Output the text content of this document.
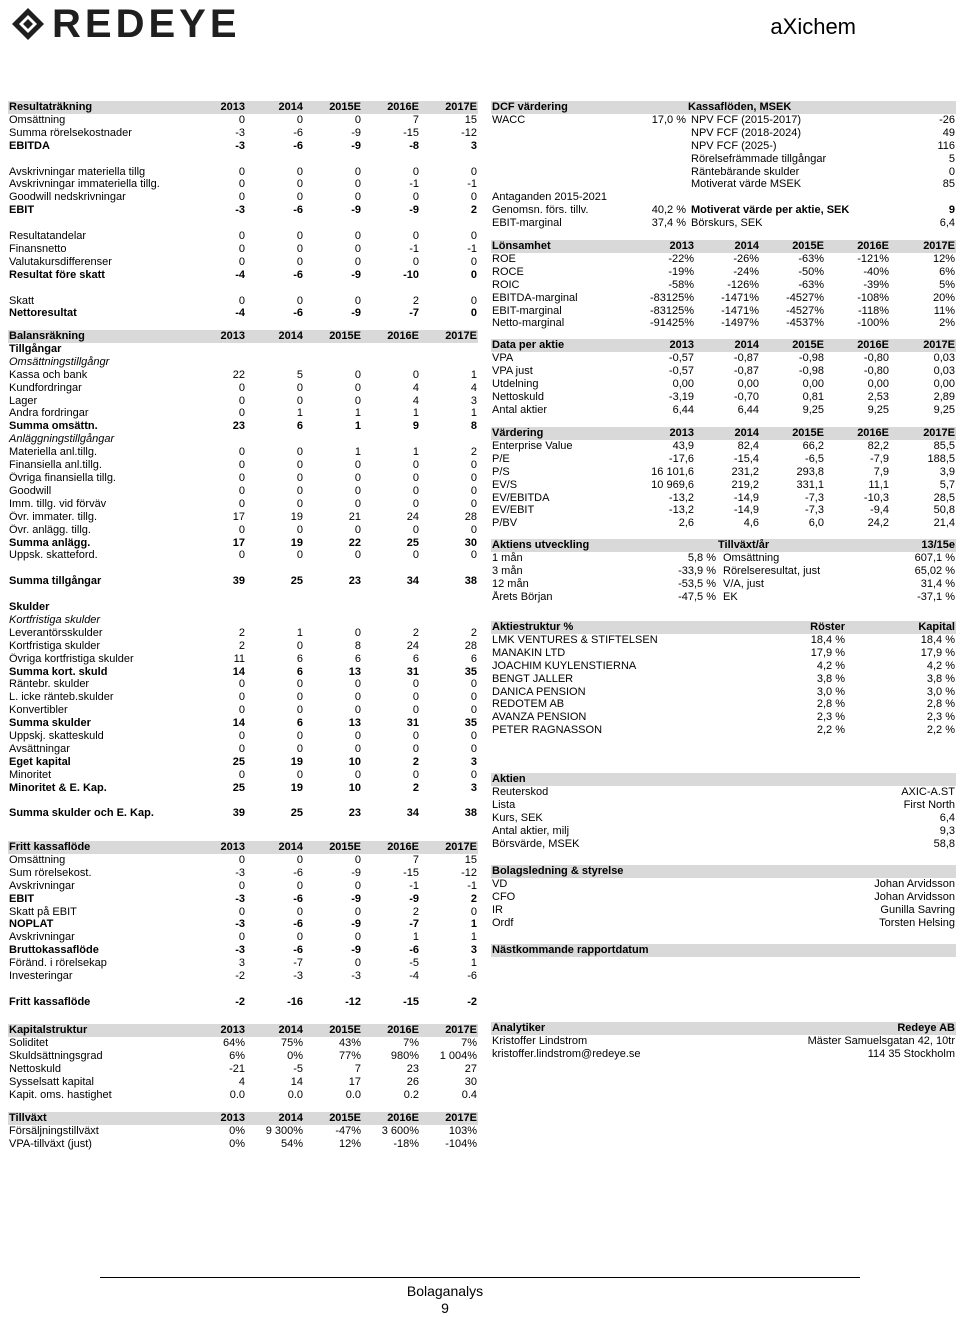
REDEYE	aXichem
Resultaträkning	2013	2014	2015E	2016E	2017E
Omsättning	0	0	0	7	15
Summa rörelsekostnader	-3	-6	-9	-15	-12
EBITDA	-3	-6	-9	-8	3

Avskrivningar materiella tillg	0	0	0	0	0
Avskrivningar immateriella tillg.	0	0	0	-1	-1
Goodwill nedskrivningar	0	0	0	0	0
EBIT	-3	-6	-9	-9	2

Resultatandelar	0	0	0	0	0
Finansnetto	0	0	0	-1	-1
Valutakursdifferenser	0	0	0	0	0
Resultat före skatt	-4	-6	-9	-10	0

Skatt	0	0	0	2	0
Nettoresultat	-4	-6	-9	-7	0
Balansräkning	2013	2014	2015E	2016E	2017E
Tillgångar					
Omsättningstillgångr					
Kassa och bank	22	5	0	0	1
Kundfordringar	0	0	0	4	4
Lager	0	0	0	4	3
Andra fordringar	0	1	1	1	1
Summa omsättn.	23	6	1	9	8
Anläggningstillgångar					
Materiella anl.tillg.	0	0	1	1	2
Finansiella anl.tillg.	0	0	0	0	0
Övriga finansiella tillg.	0	0	0	0	0
Goodwill	0	0	0	0	0
Imm. tillg. vid förväv	0	0	0	0	0
Övr. immater. tillg.	17	19	21	24	28
Övr. anlägg. tillg.	0	0	0	0	0
Summa anlägg.	17	19	22	25	30
Uppsk. skatteford.	0	0	0	0	0

Summa tillgångar	39	25	23	34	38

Skulder					
Kortfristiga skulder					
Leverantörsskulder	2	1	0	2	2
Kortfristiga skulder	2	0	8	24	28
Övriga kortfristiga skulder	11	6	6	6	6
Summa kort. skuld	14	6	13	31	35
Räntebr. skulder	0	0	0	0	0
L. icke ränteb.skulder	0	0	0	0	0
Konvertibler	0	0	0	0	0
Summa skulder	14	6	13	31	35
Uppskj. skatteskuld	0	0	0	0	0
Avsättningar	0	0	0	0	0
Eget kapital	25	19	10	2	3
Minoritet	0	0	0	0	0
Minoritet & E. Kap.	25	19	10	2	3

Summa skulder och E. Kap.	39	25	23	34	38
Fritt kassaflöde	2013	2014	2015E	2016E	2017E
Omsättning	0	0	0	7	15
Sum rörelsekost.	-3	-6	-9	-15	-12
Avskrivningar	0	0	0	-1	-1
EBIT	-3	-6	-9	-9	2
Skatt på EBIT	0	0	0	2	0
NOPLAT	-3	-6	-9	-7	1
Avskrivningar	0	0	0	1	1
Bruttokassaflöde	-3	-6	-9	-6	3
Föränd. i rörelsekap	3	-7	0	-5	1
Investeringar	-2	-3	-3	-4	-6

Fritt kassaflöde	-2	-16	-12	-15	-2
Kapitalstruktur	2013	2014	2015E	2016E	2017E
Soliditet	64%	75%	43%	7%	7%
Skuldsättningsgrad	6%	0%	77%	980%	1 004%
Nettoskuld	-21	-5	7	23	27
Sysselsatt kapital	4	14	17	26	30
Kapit. oms. hastighet	0.0	0.0	0.0	0.2	0.4
Tillväxt	2013	2014	2015E	2016E	2017E
Försäljningstillväxt	0%	9 300%	-47%	3 600%	103%
VPA-tillväxt (just)	0%	54%	12%	-18%	-104%
DCF värdering		Kassaflöden, MSEK	
WACC	17,0 %	NPV FCF (2015-2017)	-26
		NPV FCF (2018-2024)	49
		NPV FCF (2025-)	116
		Rörelsefrämmade tillgångar	5
		Räntebärande skulder	0
		Motiverat värde MSEK	85
Antaganden 2015-2021			
Genomsn. förs. tillv.	40,2 %	Motiverat värde per aktie, SEK	9
EBIT-marginal	37,4 %	Börskurs, SEK	6,4
Lönsamhet	2013	2014	2015E	2016E	2017E
ROE	-22%	-26%	-63%	-121%	12%
ROCE	-19%	-24%	-50%	-40%	6%
ROIC	-58%	-126%	-63%	-39%	5%
EBITDA-marginal	-83125%	-1471%	-4527%	-108%	20%
EBIT-marginal	-83125%	-1471%	-4527%	-118%	11%
Netto-marginal	-91425%	-1497%	-4537%	-100%	2%
Data per aktie	2013	2014	2015E	2016E	2017E
VPA	-0,57	-0,87	-0,98	-0,80	0,03
VPA just	-0,57	-0,87	-0,98	-0,80	0,03
Utdelning	0,00	0,00	0,00	0,00	0,00
Nettoskuld	-3,19	-0,70	0,81	2,53	2,89
Antal aktier	6,44	6,44	9,25	9,25	9,25
Värdering	2013	2014	2015E	2016E	2017E
Enterprise Value	43,9	82,4	66,2	82,2	85,5
P/E	-17,6	-15,4	-6,5	-7,9	188,5
P/S	16 101,6	231,2	293,8	7,9	3,9
EV/S	10 969,6	219,2	331,1	11,1	5,7
EV/EBITDA	-13,2	-14,9	-7,3	-10,3	28,5
EV/EBIT	-13,2	-14,9	-7,3	-9,4	50,8
P/BV	2,6	4,6	6,0	24,2	21,4
Aktiens utveckling		Tillväxt/år	13/15e
1 mån	5,8 %	Omsättning	607,1 %
3 mån	-33,9 %	Rörelseresultat, just	65,02 %
12 mån	-53,5 %	V/A, just	31,4 %
Årets Början	-47,5 %	EK	-37,1 %
Aktiestruktur %	Röster	Kapital
LMK VENTURES & STIFTELSEN	18,4 %	18,4 %
MANAKIN LTD	17,9 %	17,9 %
JOACHIM KUYLENSTIERNA	4,2 %	4,2 %
BENGT JALLER	3,8 %	3,8 %
DANICA PENSION	3,0 %	3,0 %
REDOTEM AB	2,8 %	2,8 %
AVANZA PENSION	2,3 %	2,3 %
PETER RAGNASSON	2,2 %	2,2 %
Aktien	
Reuterskod	AXIC-A.ST
Lista	First North
Kurs, SEK	6,4
Antal aktier, milj	9,3
Börsvärde, MSEK	58,8
Bolagsledning & styrelse	
VD	Johan Arvidsson
CFO	Johan Arvidsson
IR	Gunilla Savring
Ordf	Torsten Helsing
Nästkommande rapportdatum
Analytiker	Redeye AB
Kristoffer Lindstrom	Mäster Samuelsgatan 42, 10tr
kristoffer.lindstrom@redeye.se	114 35 Stockholm
Bolaganalys
9
